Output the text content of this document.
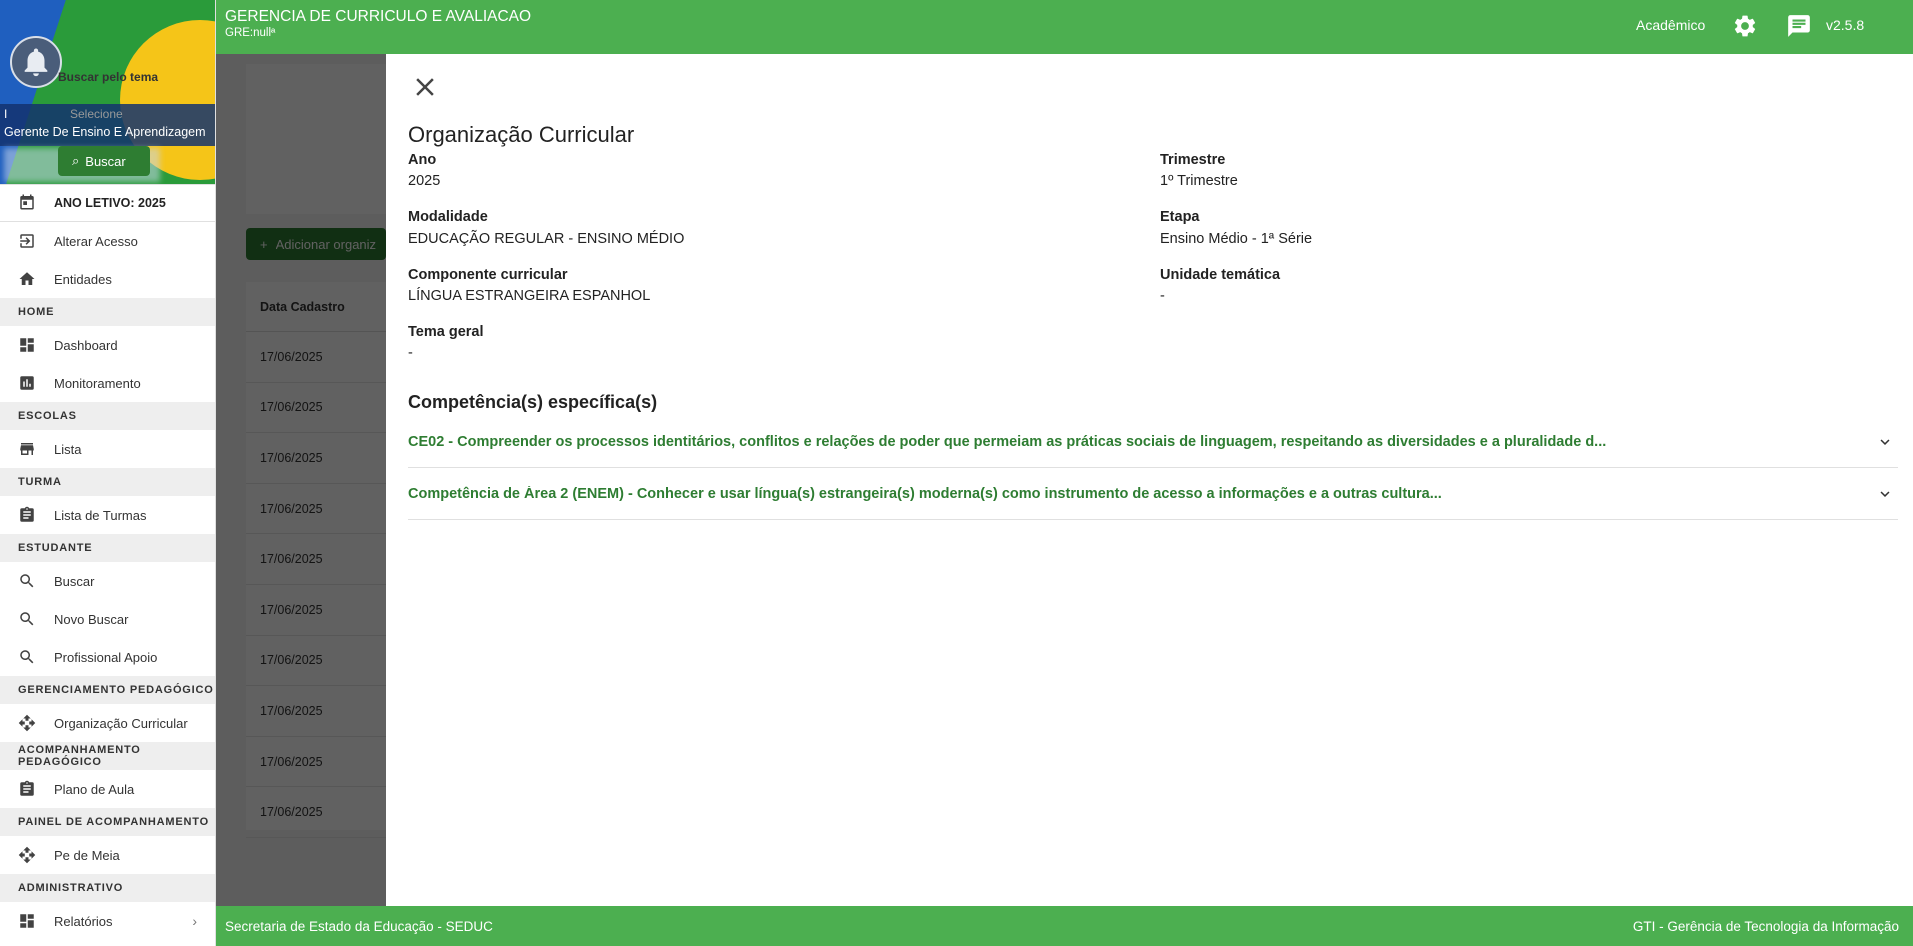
I
Gerente De Ensino E Aprendizagem
ANO LETIVO: 2025
Alterar Acesso
Entidades
HOME
Dashboard
Monitoramento
ESCOLAS
Lista
TURMA
Lista de Turmas
ESTUDANTE
Buscar
Novo Buscar
Profissional Apoio
GERENCIAMENTO PEDAGÓGICO
Organização Curricular
ACOMPANHAMENTO PEDAGÓGICO
Plano de Aula
PAINEL DE ACOMPANHAMENTO
Pe de Meia
ADMINISTRATIVO
Relatórios	›
GERENCIA DE CURRICULO E AVALIACAO
GRE:nullª	Acadêmico	v2.5.8
Buscar pelo tema
Selecione
⌕ Buscar
Organização Curricular
Ano
2025
Trimestre
1º Trimestre
Modalidade
EDUCAÇÃO REGULAR - ENSINO MÉDIO
Etapa
Ensino Médio - 1ª Série
Componente curricular
LÍNGUA ESTRANGEIRA ESPANHOL
Unidade temática
-
Tema geral
-
Competência(s) específica(s)
CE02 - Compreender os processos identitários, conflitos e relações de poder que permeiam as práticas sociais de linguagem, respeitando as diversidades e a pluralidade d...
Competência de Área 2 (ENEM) - Conhecer e usar língua(s) estrangeira(s) moderna(s) como instrumento de acesso a informações e a outras cultura...
Secretaria de Estado da Educação - SEDUC	GTI - Gerência de Tecnologia da Informação
